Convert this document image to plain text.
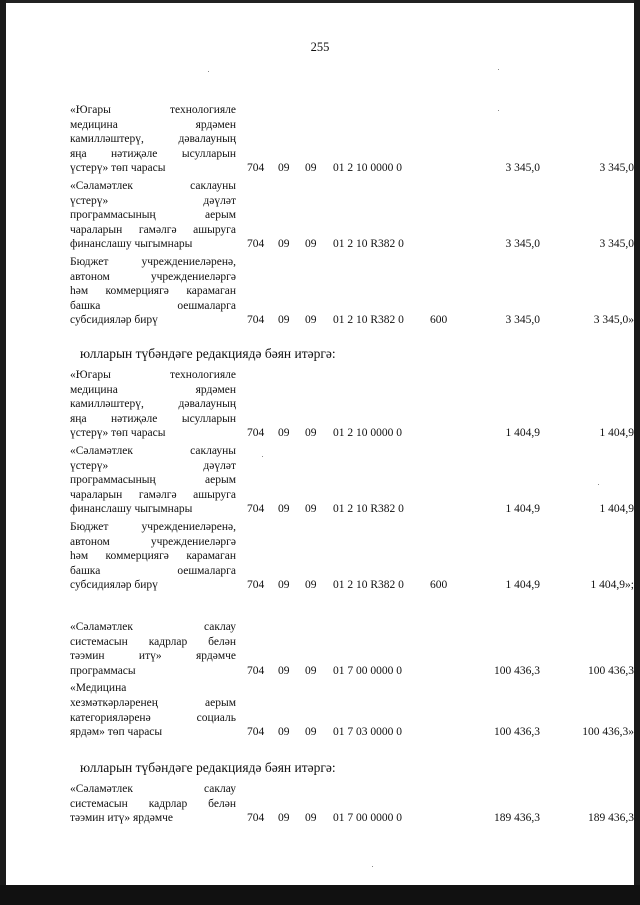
255
«Югары технологияле
медицина ярдәмен
камилләштерү, дәвалауның
яңа нәтиҗәле ысулларын
үстерү» төп чарасы	704 09 09 01 2 10 0000 0	3 345,0	3 345,0
«Сәламәтлек саклауны
үстерү» дәүләт
программасының аерым
чараларын гамәлгә ашыруга
финанслашу чыгымнары	704 09 09 01 2 10 R382 0	3 345,0	3 345,0
Бюджет учреждениеләренә,
автоном учреждениеләргә
һәм коммерциягә карамаган
башка оешмаларга
субсидияләр бирү	704 09 09 01 2 10 R382 0 600	3 345,0	3 345,0»
юлларын түбәндәге редакциядә бәян итәргә:
«Югары технологияле
медицина ярдәмен
камилләштерү, дәвалауның
яңа нәтиҗәле ысулларын
үстерү» төп чарасы	704 09 09 01 2 10 0000 0	1 404,9	1 404,9
«Сәламәтлек саклауны
үстерү» дәүләт
программасының аерым
чараларын гамәлгә ашыруга
финанслашу чыгымнары	704 09 09 01 2 10 R382 0	1 404,9	1 404,9
Бюджет учреждениеләренә,
автоном учреждениеләргә
һәм коммерциягә карамаган
башка оешмаларга
субсидияләр бирү	704 09 09 01 2 10 R382 0 600	1 404,9	1 404,9»;
«Сәламәтлек саклау
системасын кадрлар белән
тәэмин итү» ярдәмче
программасы	704 09 09 01 7 00 0000 0	100 436,3	100 436,3
«Медицина
хезмәткәрләренең аерым
категорияләренә социаль
ярдәм» төп чарасы	704 09 09 01 7 03 0000 0	100 436,3	100 436,3»
юлларын түбәндәге редакциядә бәян итәргә:
«Сәламәтлек саклау
системасын кадрлар белән
тәэмин итү» ярдәмче	704 09 09 01 7 00 0000 0	189 436,3	189 436,3
